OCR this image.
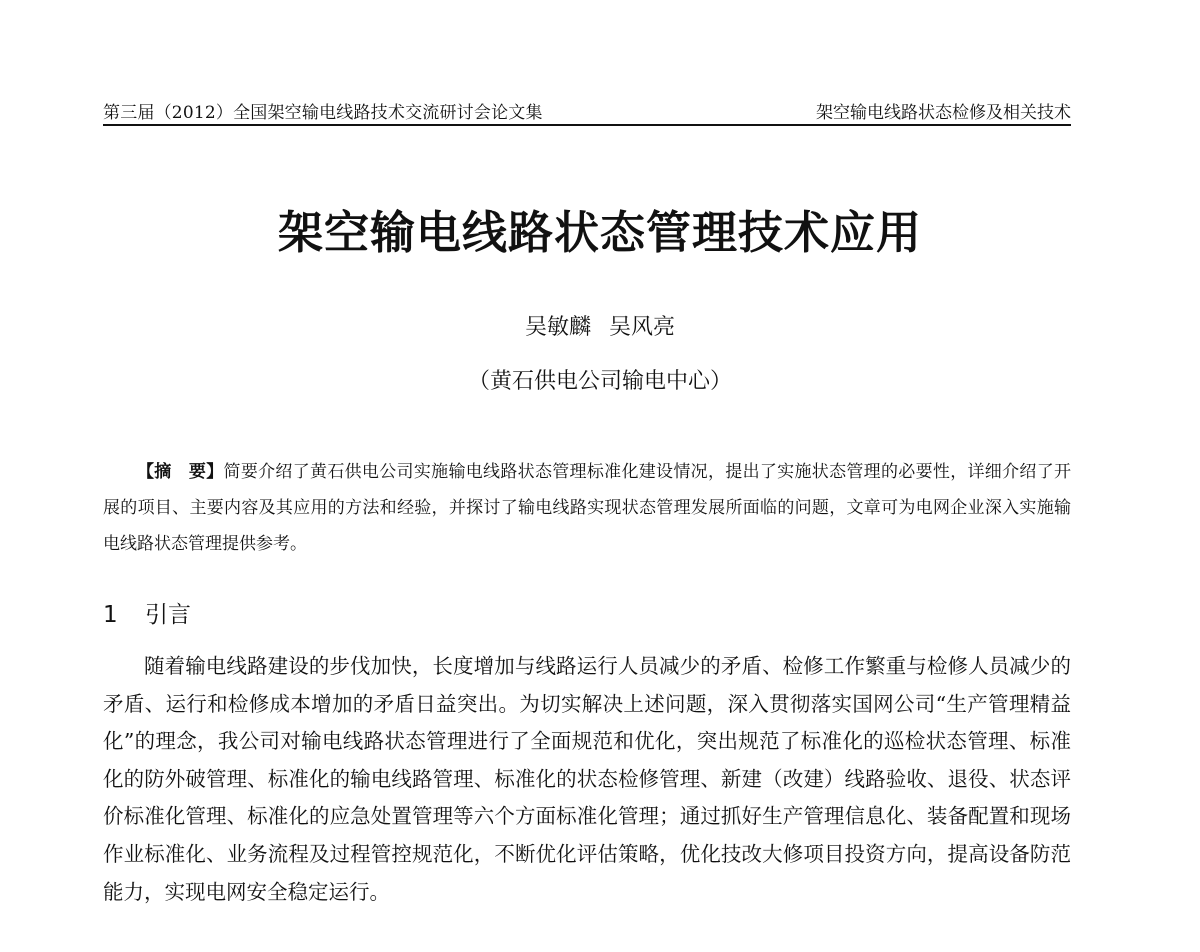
第三届（2012）全国架空输电线路技术交流研讨会论文集	架空输电线路状态检修及相关技术
架空输电线路状态管理技术应用
吴敏麟 吴风亮
（黄石供电公司输电中心）
【摘　要】简要介绍了黄石供电公司实施输电线路状态管理标准化建设情况，提出了实施状态管理的必要性，详细介绍了开展的项目、主要内容及其应用的方法和经验，并探讨了输电线路实现状态管理发展所面临的问题，文章可为电网企业深入实施输电线路状态管理提供参考。
1 引言
随着输电线路建设的步伐加快，长度增加与线路运行人员减少的矛盾、检修工作繁重与检修人员减少的矛盾、运行和检修成本增加的矛盾日益突出。为切实解决上述问题，深入贯彻落实国网公司“生产管理精益化”的理念，我公司对输电线路状态管理进行了全面规范和优化，突出规范了标准化的巡检状态管理、标准化的防外破管理、标准化的输电线路管理、标准化的状态检修管理、新建（改建）线路验收、退役、状态评价标准化管理、标准化的应急处置管理等六个方面标准化管理；通过抓好生产管理信息化、装备配置和现场作业标准化、业务流程及过程管控规范化，不断优化评估策略，优化技改大修项目投资方向，提高设备防范能力，实现电网安全稳定运行。
